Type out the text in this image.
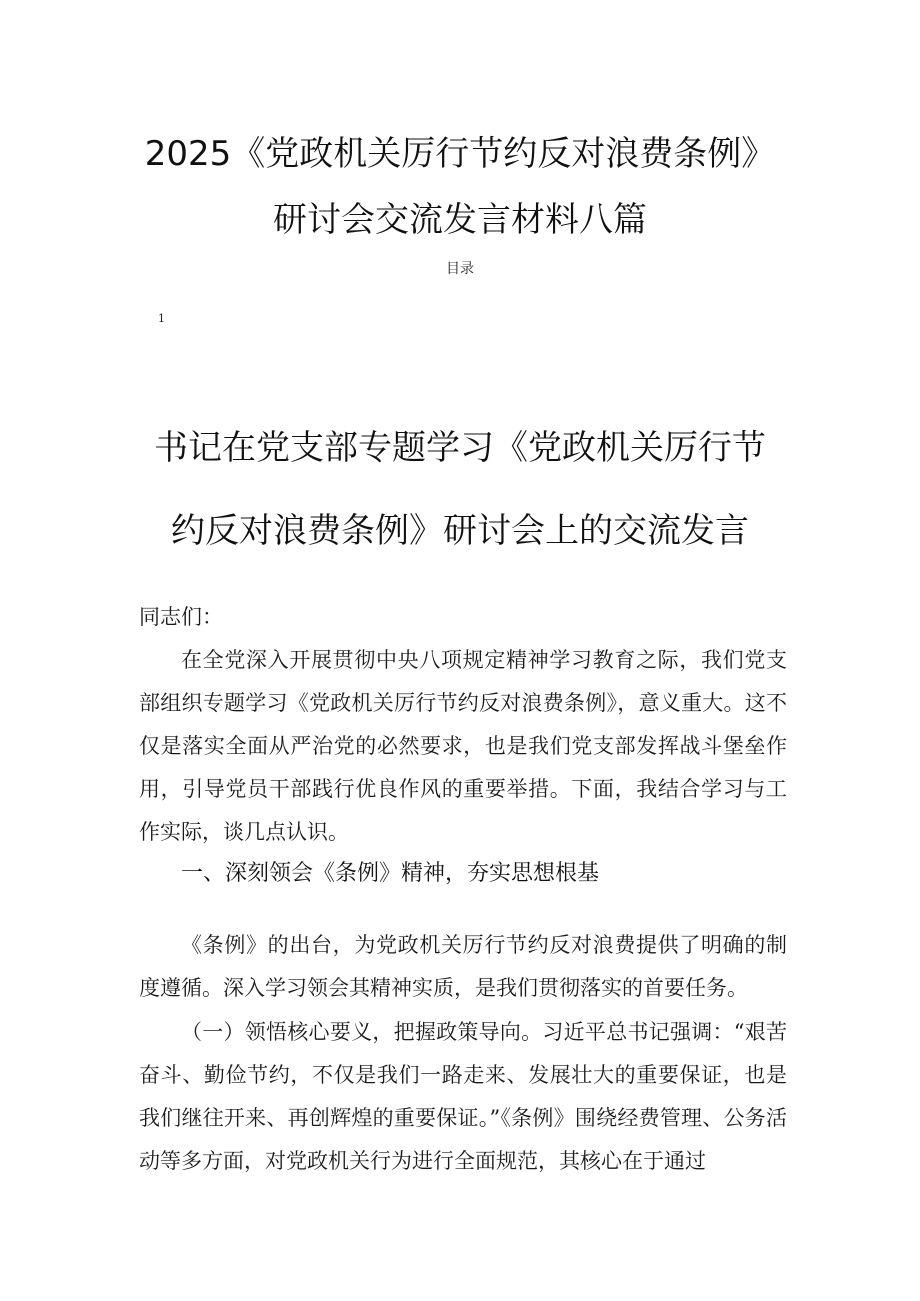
2025《党政机关厉行节约反对浪费条例》
研讨会交流发言材料八篇
目录
1
书记在党支部专题学习《党政机关厉行节
约反对浪费条例》研讨会上的交流发言

同志们：

在全党深入开展贯彻中央八项规定精神学习教育之际，我们党支部组织专题学习《党政机关厉行节约反对浪费条例》，意义重大。这不仅是落实全面从严治党的必然要求，也是我们党支部发挥战斗堡垒作用，引导党员干部践行优良作风的重要举措。下面，我结合学习与工作实际，谈几点认识。

一、深刻领会《条例》精神，夯实思想根基

《条例》的出台，为党政机关厉行节约反对浪费提供了明确的制度遵循。深入学习领会其精神实质，是我们贯彻落实的首要任务。

（一）领悟核心要义，把握政策导向。习近平总书记强调：“艰苦奋斗、勤俭节约，不仅是我们一路走来、发展壮大的重要保证，也是我们继往开来、再创辉煌的重要保证。”《条例》围绕经费管理、公务活动等多方面，对党政机关行为进行全面规范，其核心在于通过
